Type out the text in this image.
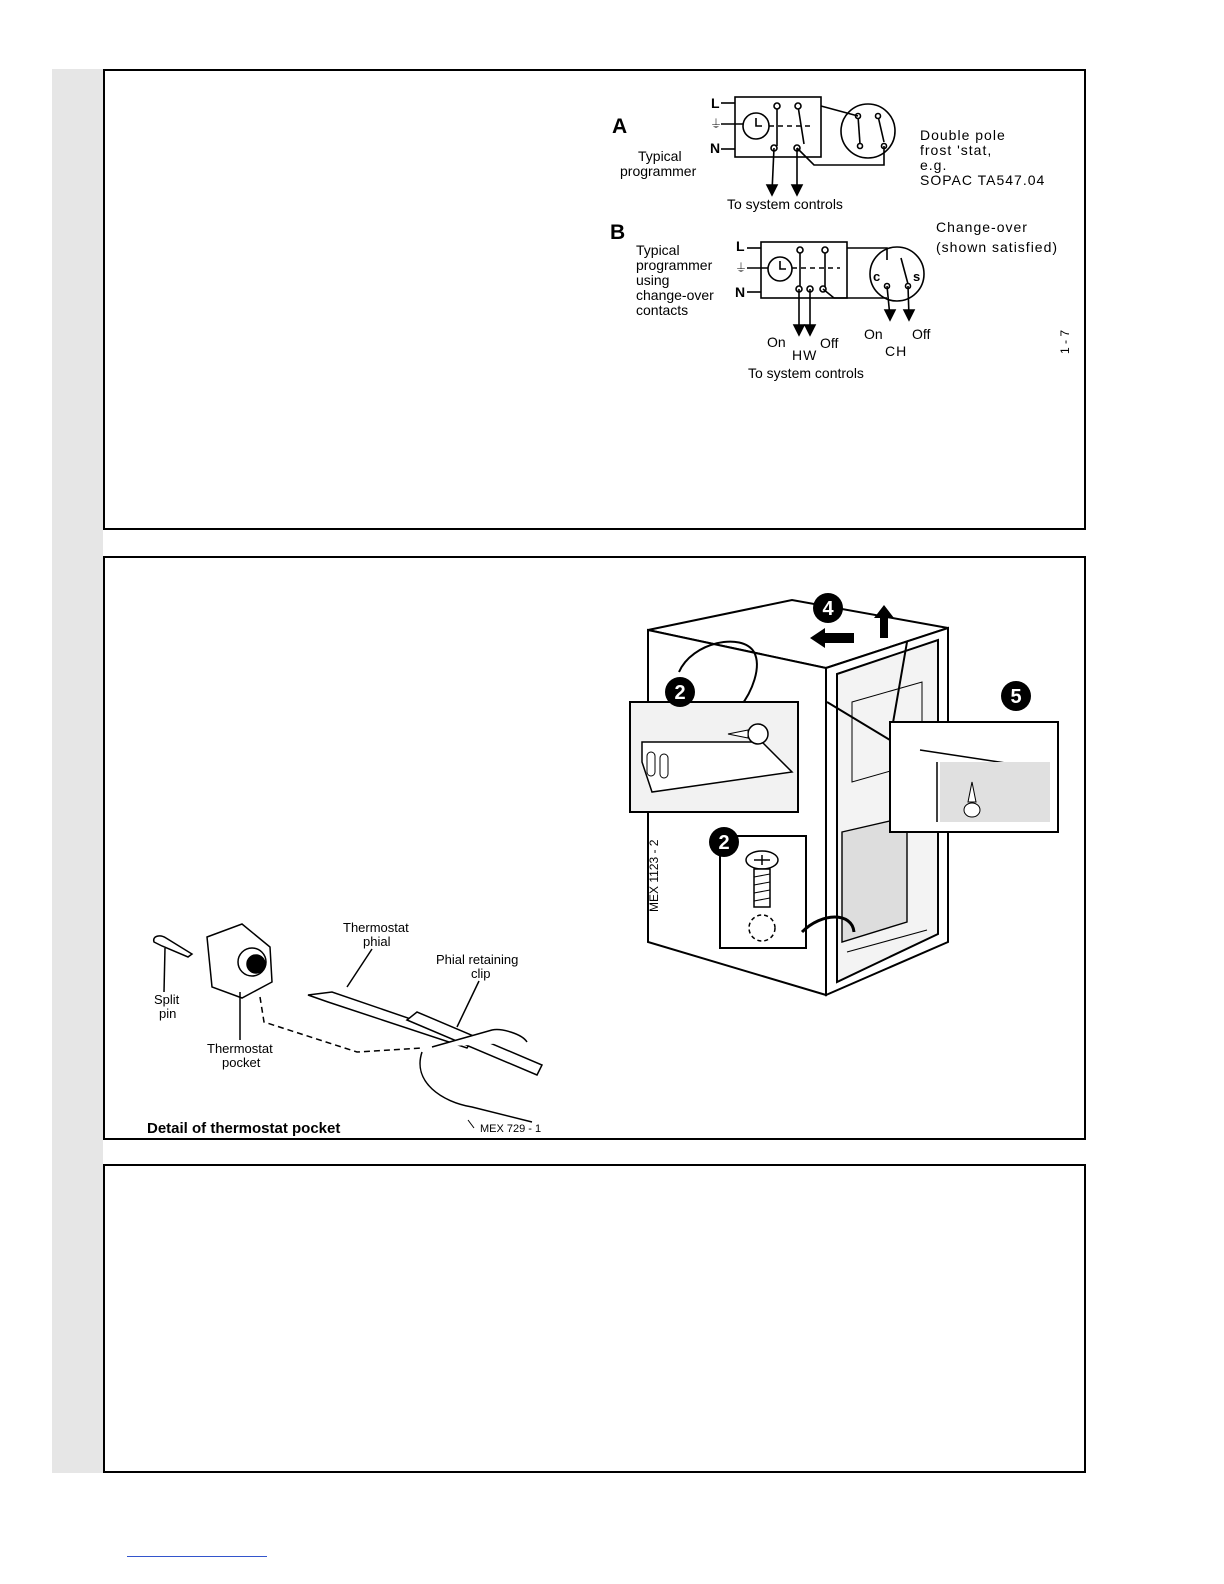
A
L
⏚
N
Typical
programmer
Double pole
frost 'stat,
e.g.
SOPAC TA547.04
To system controls
B
L
⏚
N
Typical
programmer
using
change-over
contacts
Change-over
(shown satisfied)
c	s
On Off
HW
On Off
CH
To system controls
1 - 7
4
2	5
2
MEX 1123 - 2
Split
pin
Thermostat
pocket
Thermostat
phial
Phial retaining
clip
Detail of thermostat pocket	MEX 729 - 1
